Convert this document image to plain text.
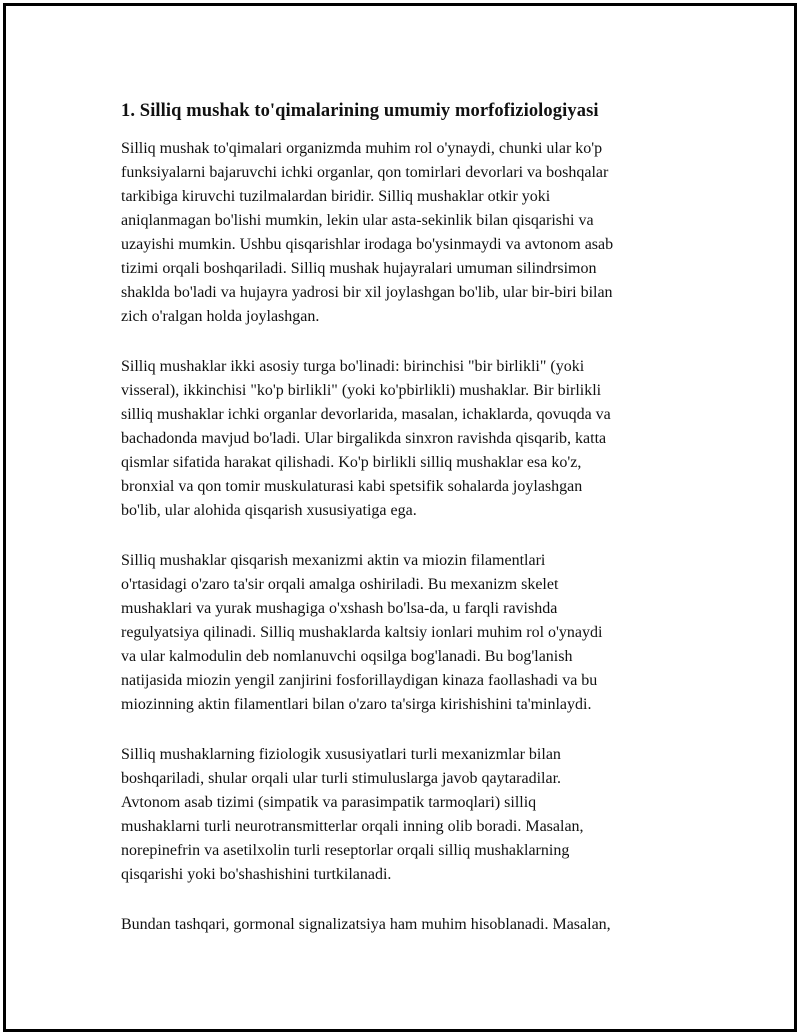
1. Silliq mushak to'qimalarining umumiy morfofiziologiyasi

Silliq mushak to'qimalari organizmda muhim rol o'ynaydi, chunki ular ko'p
funksiyalarni bajaruvchi ichki organlar, qon tomirlari devorlari va boshqalar
tarkibiga kiruvchi tuzilmalardan biridir. Silliq mushaklar otkir yoki
aniqlanmagan bo'lishi mumkin, lekin ular asta-sekinlik bilan qisqarishi va
uzayishi mumkin. Ushbu qisqarishlar irodaga bo'ysinmaydi va avtonom asab
tizimi orqali boshqariladi. Silliq mushak hujayralari umuman silindrsimon
shaklda bo'ladi va hujayra yadrosi bir xil joylashgan bo'lib, ular bir-biri bilan
zich o'ralgan holda joylashgan.

Silliq mushaklar ikki asosiy turga bo'linadi: birinchisi "bir birlikli" (yoki
visseral), ikkinchisi "ko'p birlikli" (yoki ko'pbirlikli) mushaklar. Bir birlikli
silliq mushaklar ichki organlar devorlarida, masalan, ichaklarda, qovuqda va
bachadonda mavjud bo'ladi. Ular birgalikda sinxron ravishda qisqarib, katta
qismlar sifatida harakat qilishadi. Ko'p birlikli silliq mushaklar esa ko'z,
bronxial va qon tomir muskulaturasi kabi spetsifik sohalarda joylashgan
bo'lib, ular alohida qisqarish xususiyatiga ega.

Silliq mushaklar qisqarish mexanizmi aktin va miozin filamentlari
o'rtasidagi o'zaro ta'sir orqali amalga oshiriladi. Bu mexanizm skelet
mushaklari va yurak mushagiga o'xshash bo'lsa-da, u farqli ravishda
regulyatsiya qilinadi. Silliq mushaklarda kaltsiy ionlari muhim rol o'ynaydi
va ular kalmodulin deb nomlanuvchi oqsilga bog'lanadi. Bu bog'lanish
natijasida miozin yengil zanjirini fosforillaydigan kinaza faollashadi va bu
miozinning aktin filamentlari bilan o'zaro ta'sirga kirishishini ta'minlaydi.

Silliq mushaklarning fiziologik xususiyatlari turli mexanizmlar bilan
boshqariladi, shular orqali ular turli stimuluslarga javob qaytaradilar.
Avtonom asab tizimi (simpatik va parasimpatik tarmoqlari) silliq
mushaklarni turli neurotransmitterlar orqali inning olib boradi. Masalan,
norepinefrin va asetilxolin turli reseptorlar orqali silliq mushaklarning
qisqarishi yoki bo'shashishini turtkilanadi.

Bundan tashqari, gormonal signalizatsiya ham muhim hisoblanadi. Masalan,
